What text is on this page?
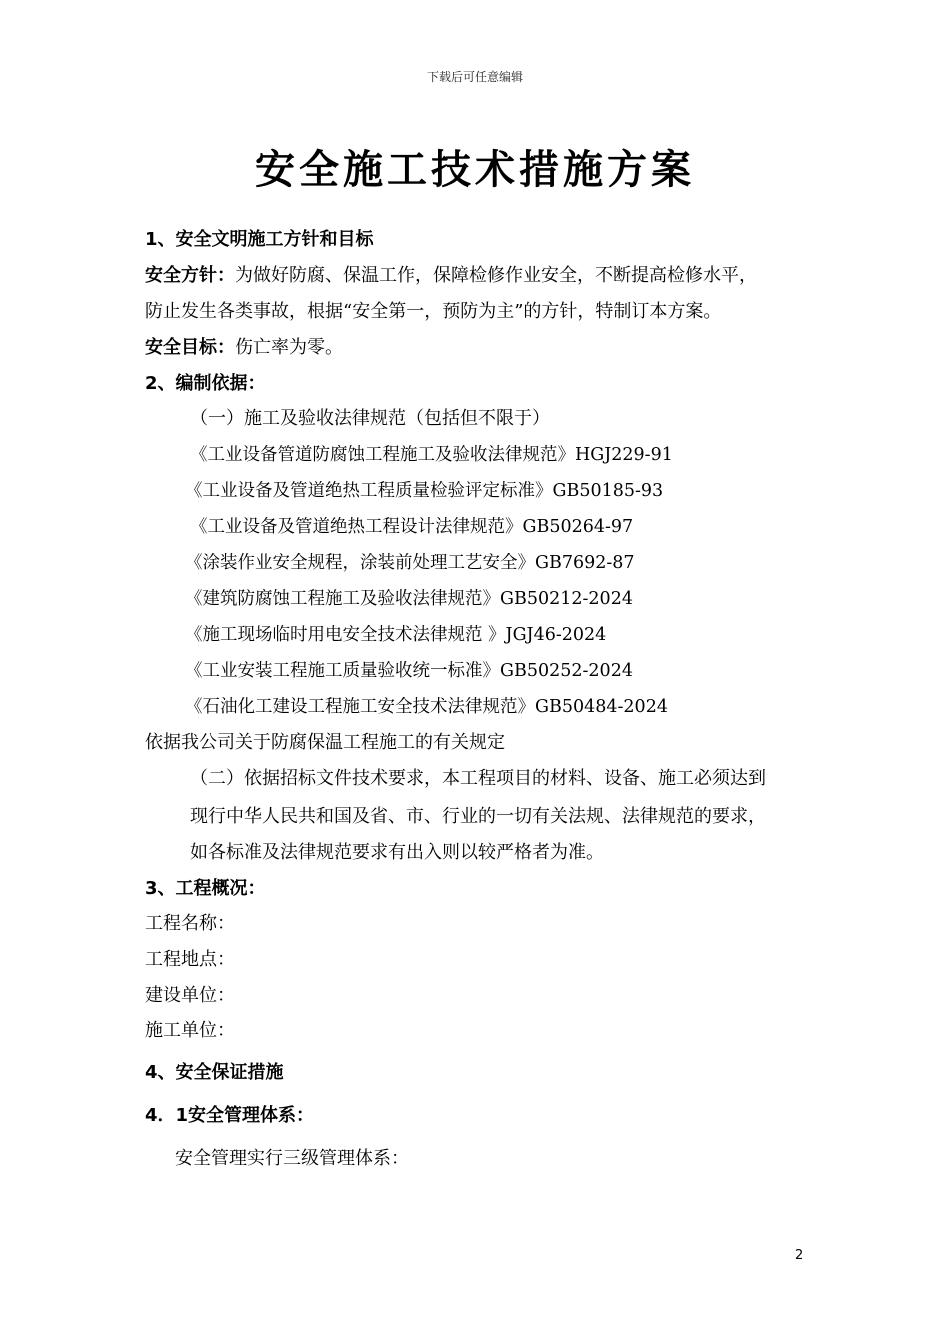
下载后可任意编辑
安全施工技术措施方案
1、安全文明施工方针和目标
安全方针：为做好防腐、保温工作，保障检修作业安全，不断提高检修水平，
防止发生各类事故，根据“安全第一，预防为主”的方针，特制订本方案。
安全目标：伤亡率为零。
2、编制依据：
（一）施工及验收法律规范（包括但不限于）
《工业设备管道防腐蚀工程施工及验收法律规范》HGJ229-91
《工业设备及管道绝热工程质量检验评定标准》GB50185-93
《工业设备及管道绝热工程设计法律规范》GB50264-97
《涂装作业安全规程，涂装前处理工艺安全》GB7692-87
《建筑防腐蚀工程施工及验收法律规范》GB50212-2024
《施工现场临时用电安全技术法律规范 》JGJ46-2024
《工业安装工程施工质量验收统一标准》GB50252-2024
《石油化工建设工程施工安全技术法律规范》GB50484-2024
依据我公司关于防腐保温工程施工的有关规定
（二）依据招标文件技术要求，本工程项目的材料、设备、施工必须达到
现行中华人民共和国及省、市、行业的一切有关法规、法律规范的要求，
如各标准及法律规范要求有出入则以较严格者为准。
3、工程概况：
工程名称：
工程地点：
建设单位：
施工单位：
4、安全保证措施
4．1安全管理体系：
安全管理实行三级管理体系：
2
